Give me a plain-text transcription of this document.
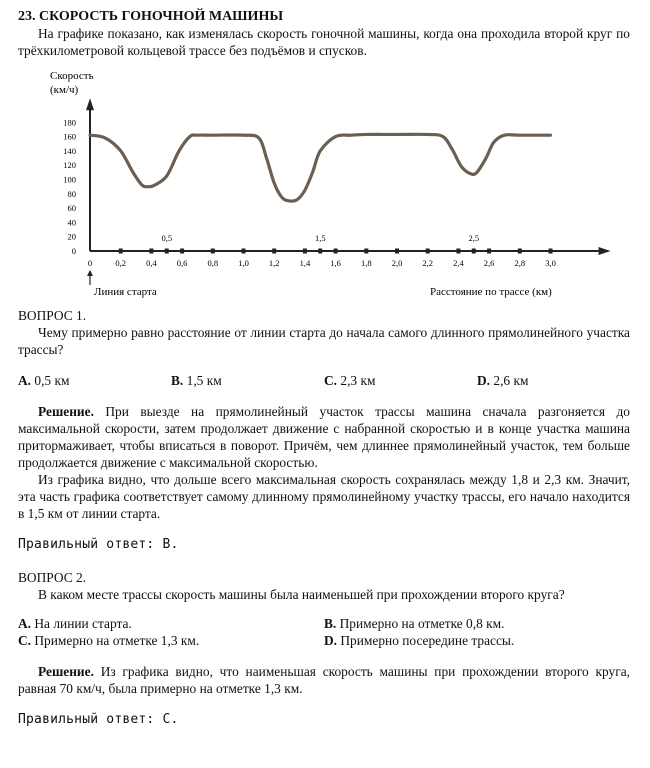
23. СКОРОСТЬ ГОНОЧНОЙ МАШИНЫ
На графике показано, как изменялась скорость гоночной машины, когда она проходила второй круг по трёхкилометровой кольцевой трассе без подъёмов и спусков.
Скорость
(км/ч)
0
20
40
60
80
100
120
140
160
180
0	0,2 0,4 0,6 0,8 1,0 1,2 1,4 1,6 1,8 2,0 2,2 2,4 2,6 2,8 3,0
0,5	1,5	2,5
Линия старта	Расстояние по трассе (км)
ВОПРОС 1.
Чему примерно равно расстояние от линии старта до начала самого длинного прямолинейного участка трассы?
A. 0,5 км	B. 1,5 км	C. 2,3 км	D. 2,6 км
Решение. При выезде на прямолинейный участок трассы машина сначала разгоняется до максимальной скорости, затем продолжает движение с набранной скоростью и в конце участка машина притормаживает, чтобы вписаться в поворот. Причём, чем длиннее прямолинейный участок, тем больше продолжается движение с максимальной скоростью.
Из графика видно, что дольше всего максимальная скорость сохранялась между 1,8 и 2,3 км. Значит, эта часть графика соответствует самому длинному прямолинейному участку трассы, его начало находится в 1,5 км от линии старта.
Правильный ответ: B.
ВОПРОС 2.
В каком месте трассы скорость машины была наименьшей при прохождении второго круга?
A. На линии старта.	B. Примерно на отметке 0,8 км.
C. Примерно на отметке 1,3 км.	D. Примерно посередине трассы.
Решение. Из графика видно, что наименьшая скорость машины при прохождении второго круга, равная 70 км/ч, была примерно на отметке 1,3 км.
Правильный ответ: C.
